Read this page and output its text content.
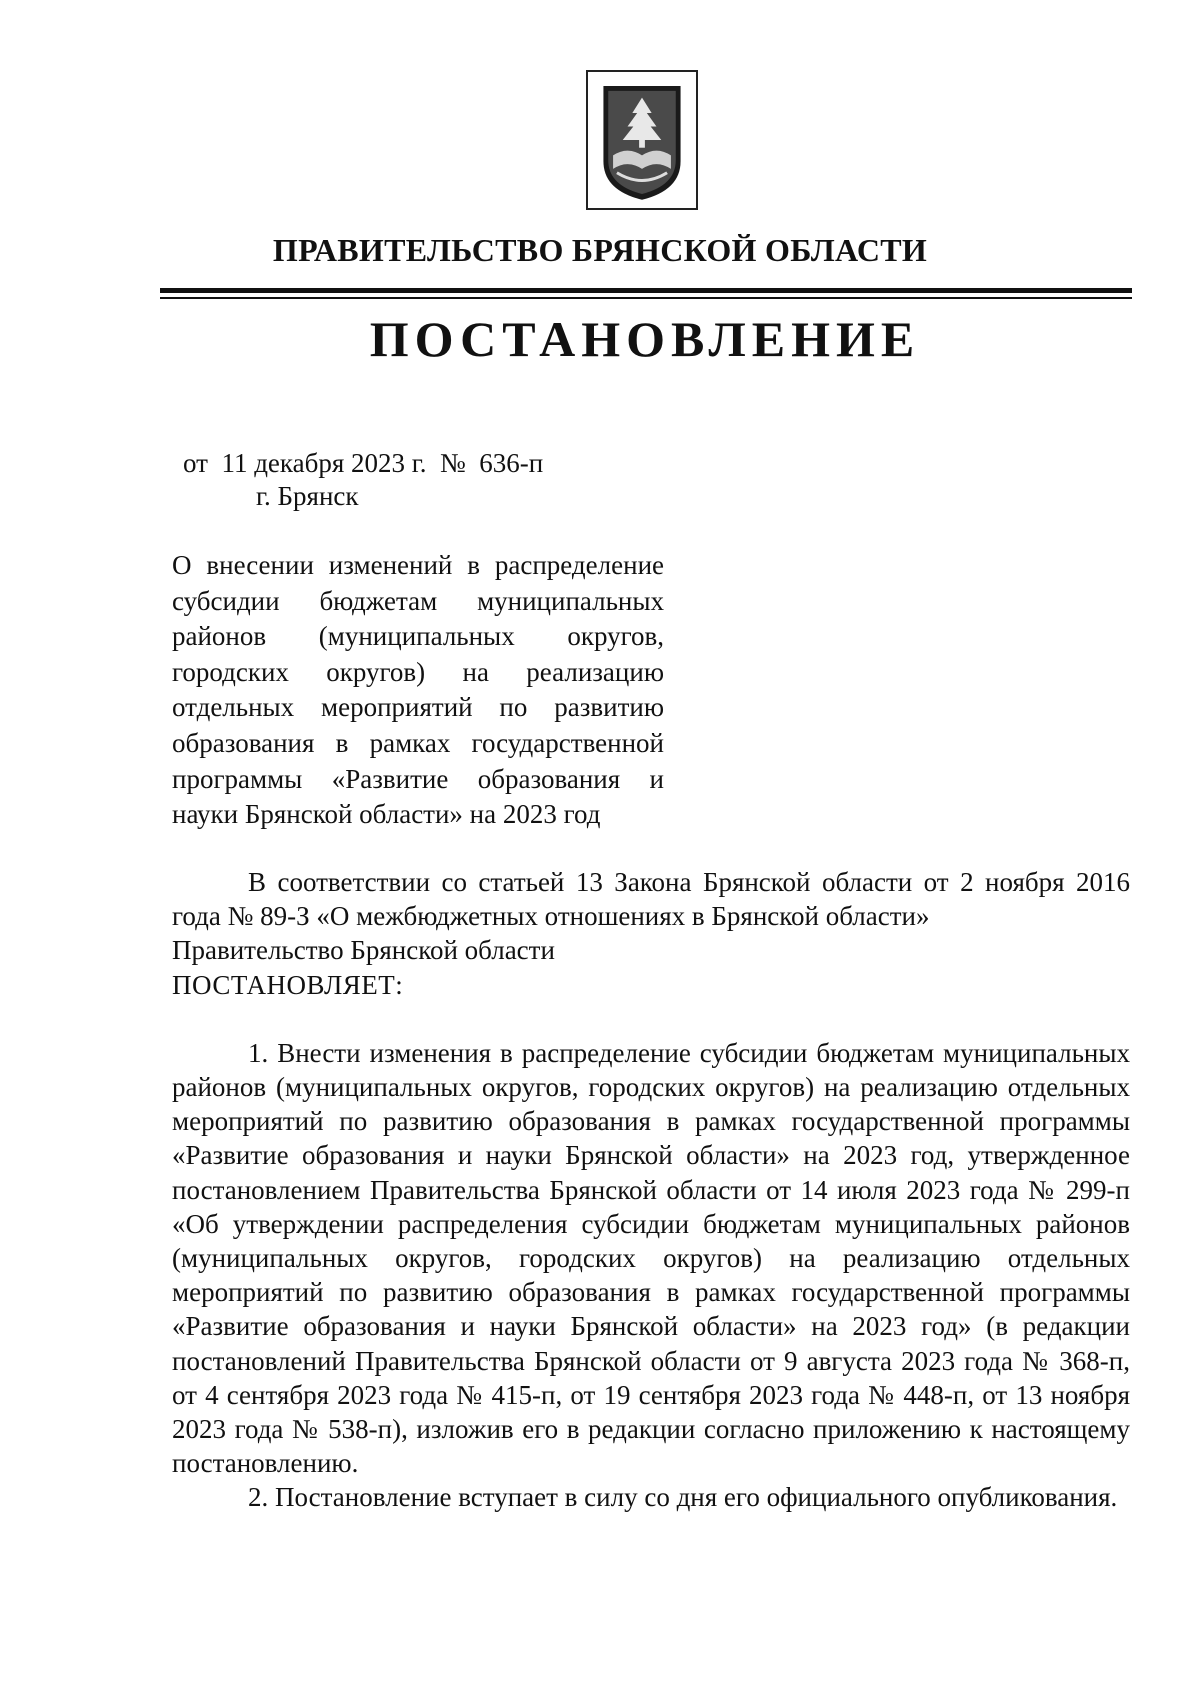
ПРАВИТЕЛЬСТВО БРЯНСКОЙ ОБЛАСТИ
ПОСТАНОВЛЕНИЕ
от  11 декабря 2023 г.  №  636-п
г. Брянск
О внесении изменений в распределение субсидии бюджетам муниципальных районов (муниципальных округов, городских округов) на реализацию отдельных мероприятий по развитию образования в рамках государственной программы «Развитие образования и науки Брянской области» на 2023 год

В соответствии со статьей 13 Закона Брянской области от 2 ноября 2016 года № 89-З «О межбюджетных отношениях в Брянской области»

Правительство Брянской области

ПОСТАНОВЛЯЕТ:

1. Внести изменения в распределение субсидии бюджетам муниципальных районов (муниципальных округов, городских округов) на реализацию отдельных мероприятий по развитию образования в рамках государственной программы «Развитие образования и науки Брянской области» на 2023 год, утвержденное постановлением Правительства Брянской области от 14 июля 2023 года № 299-п «Об утверждении распределения субсидии бюджетам муниципальных районов (муниципальных округов, городских округов) на реализацию отдельных мероприятий по развитию образования в рамках государственной программы «Развитие образования и науки Брянской области» на 2023 год» (в редакции постановлений Правительства Брянской области от 9 августа 2023 года № 368-п, от 4 сентября 2023 года № 415-п, от 19 сентября 2023 года № 448-п, от 13 ноября 2023 года № 538-п), изложив его в редакции согласно приложению к настоящему постановлению.

2. Постановление вступает в силу со дня его официального опубликования.
